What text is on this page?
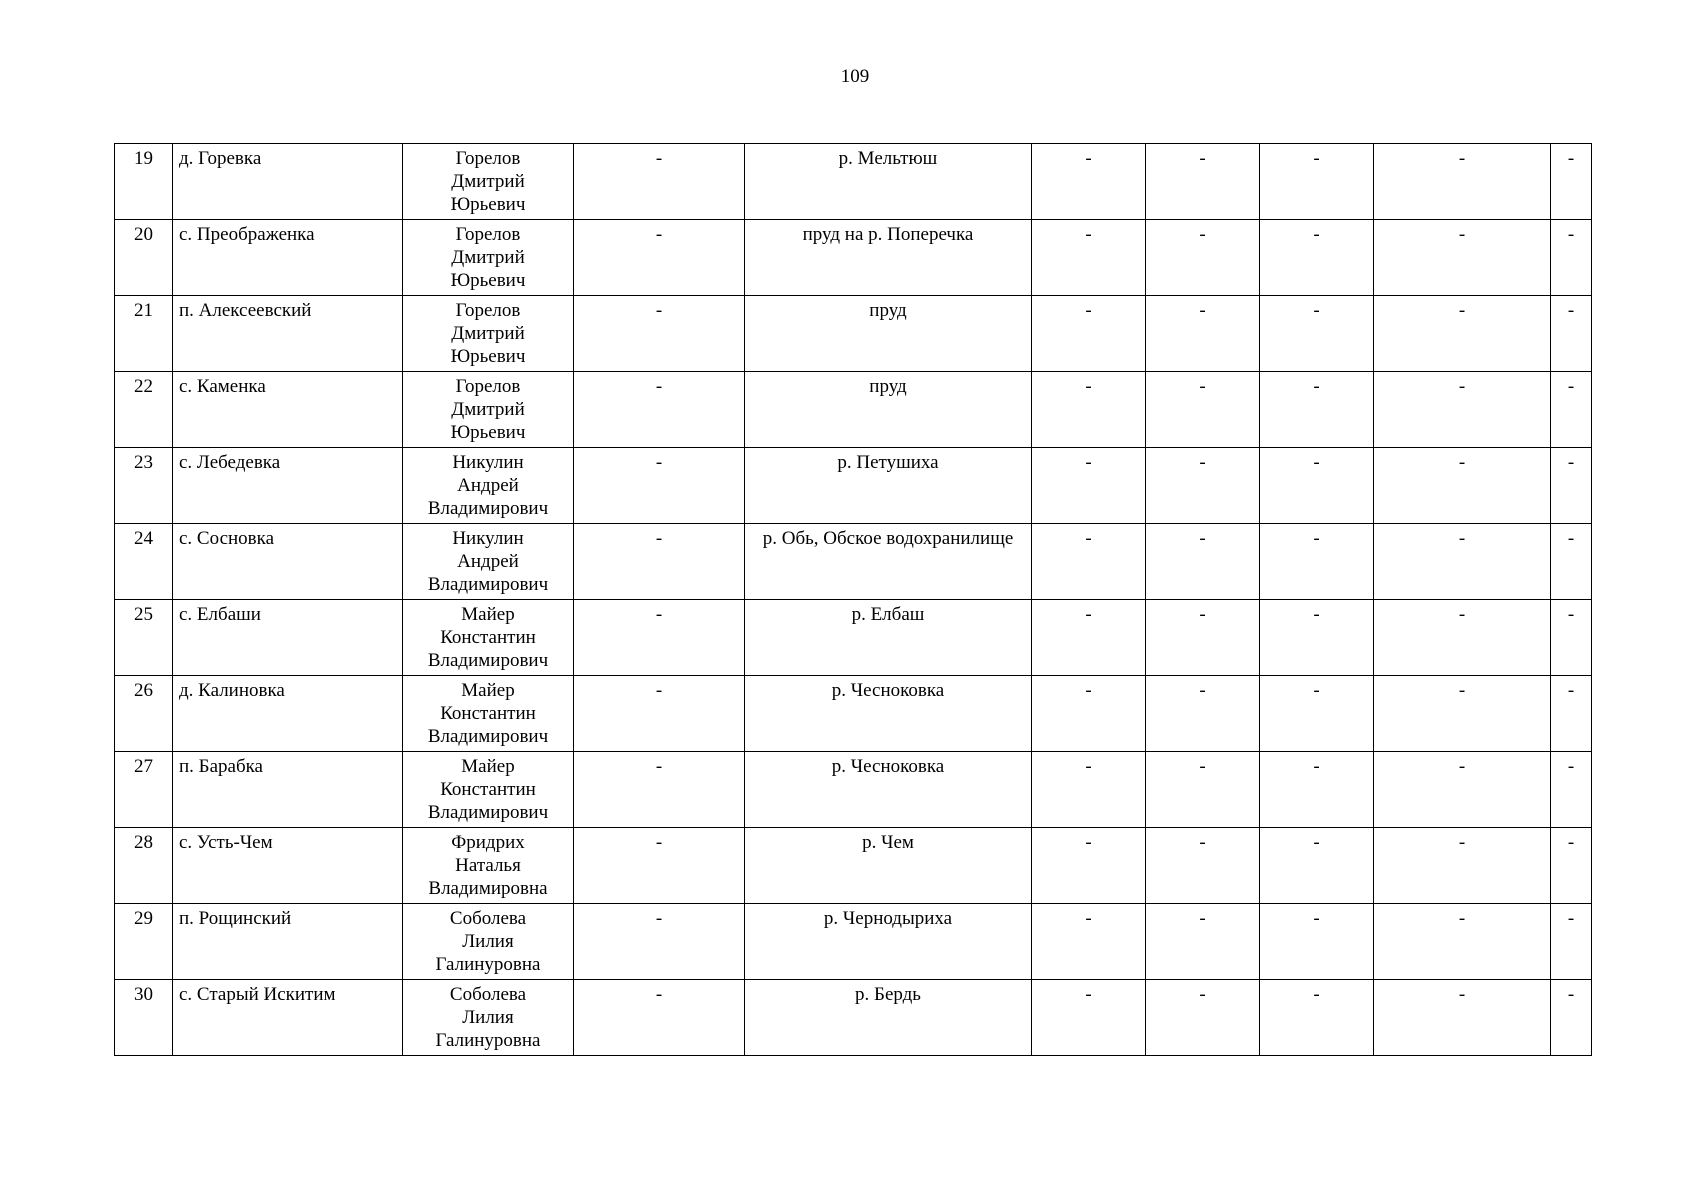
109
19	д. Горевка	Горелов
Дмитрий
Юрьевич	-	р. Мельтюш	-	-	-	-	-
20	с. Преображенка	Горелов
Дмитрий
Юрьевич	-	пруд на р. Поперечка	-	-	-	-	-
21	п. Алексеевский	Горелов
Дмитрий
Юрьевич	-	пруд	-	-	-	-	-
22	с. Каменка	Горелов
Дмитрий
Юрьевич	-	пруд	-	-	-	-	-
23	с. Лебедевка	Никулин
Андрей
Владимирович	-	р. Петушиха	-	-	-	-	-
24	с. Сосновка	Никулин
Андрей
Владимирович	-	р. Обь, Обское водохранилище	-	-	-	-	-
25	с. Елбаши	Майер
Константин
Владимирович	-	р. Елбаш	-	-	-	-	-
26	д. Калиновка	Майер
Константин
Владимирович	-	р. Чесноковка	-	-	-	-	-
27	п. Барабка	Майер
Константин
Владимирович	-	р. Чесноковка	-	-	-	-	-
28	с. Усть-Чем	Фридрих
Наталья
Владимировна	-	р. Чем	-	-	-	-	-
29	п. Рощинский	Соболева
Лилия
Галинуровна	-	р. Чернодыриха	-	-	-	-	-
30	с. Старый Искитим	Соболева
Лилия
Галинуровна	-	р. Бердь	-	-	-	-	-
